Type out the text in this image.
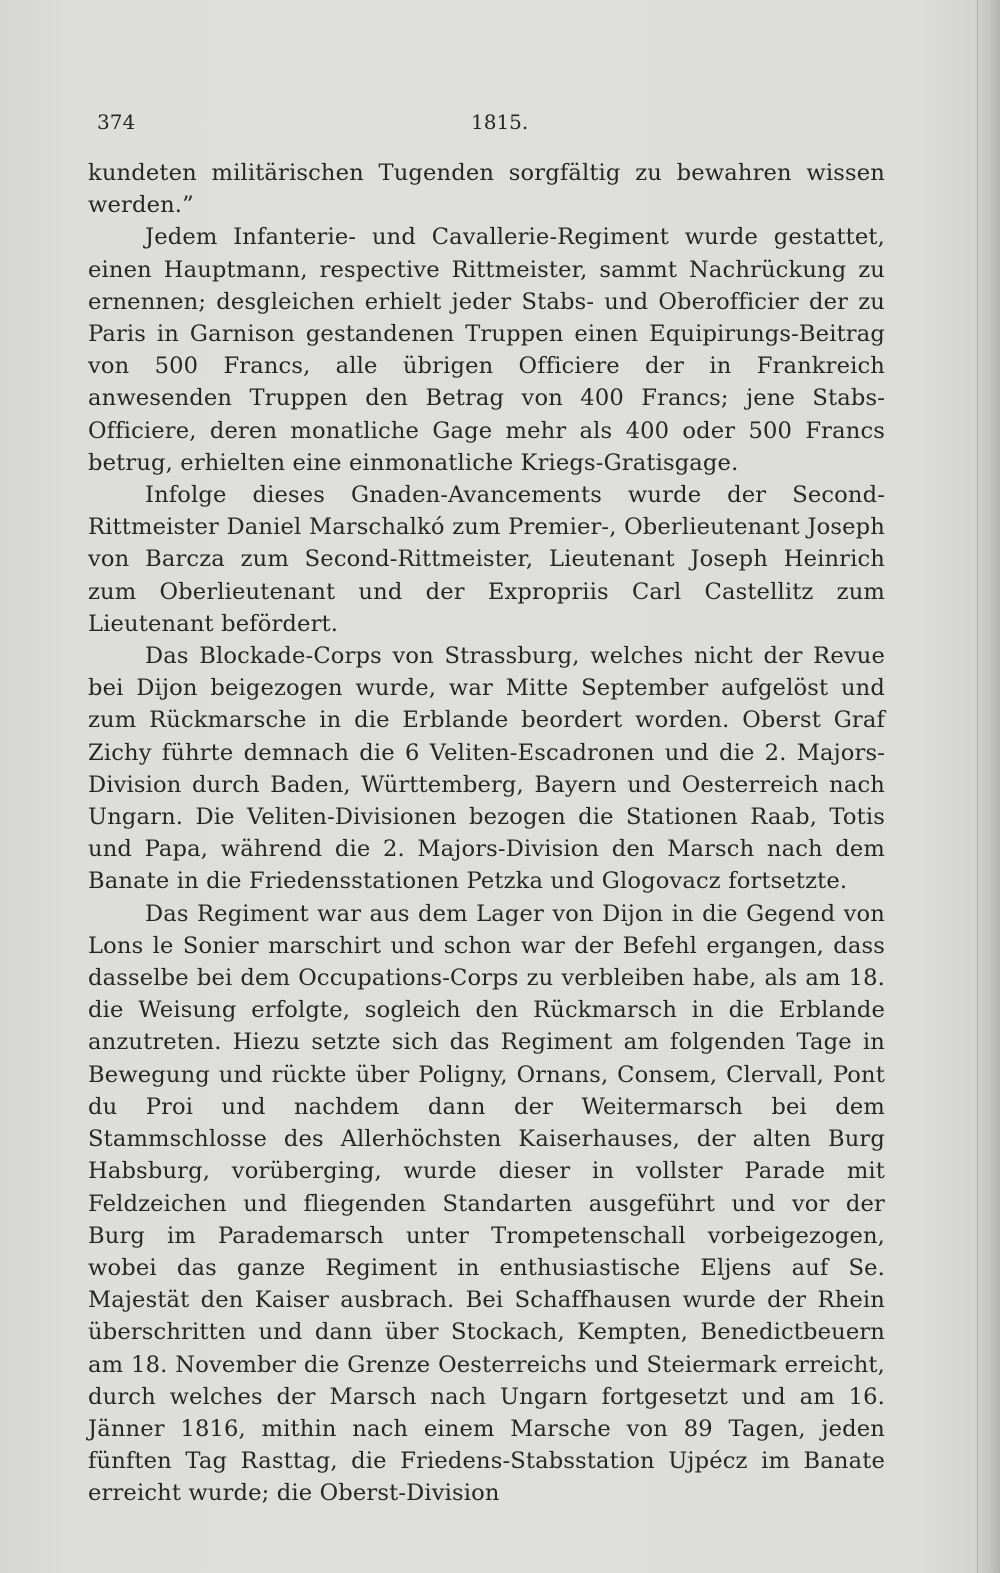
374	1815.

kundeten militärischen Tugenden sorgfältig zu bewahren wissen werden.”

Jedem Infanterie- und Cavallerie-Regiment wurde gestattet, einen Hauptmann, respective Rittmeister, sammt Nachrückung zu ernennen; desgleichen erhielt jeder Stabs- und Oberofficier der zu Paris in Garnison gestandenen Truppen einen Equipirungs-Beitrag von 500 Francs, alle übrigen Officiere der in Frankreich anwesenden Truppen den Betrag von 400 Francs; jene Stabs-Officiere, deren monatliche Gage mehr als 400 oder 500 Francs betrug, erhielten eine einmonatliche Kriegs-Gratisgage.

Infolge dieses Gnaden-Avancements wurde der Second-Rittmeister Daniel Marschalkó zum Premier-, Oberlieutenant Joseph von Barcza zum Second-Rittmeister, Lieutenant Joseph Heinrich zum Oberlieutenant und der Expropriis Carl Castellitz zum Lieutenant befördert.

Das Blockade-Corps von Strassburg, welches nicht der Revue bei Dijon beigezogen wurde, war Mitte September aufgelöst und zum Rückmarsche in die Erblande beordert worden. Oberst Graf Zichy führte demnach die 6 Veliten-Escadronen und die 2. Majors-Division durch Baden, Württemberg, Bayern und Oesterreich nach Ungarn. Die Veliten-Divisionen bezogen die Stationen Raab, Totis und Papa, während die 2. Majors-Division den Marsch nach dem Banate in die Friedensstationen Petzka und Glogovacz fortsetzte.

Das Regiment war aus dem Lager von Dijon in die Gegend von Lons le Sonier marschirt und schon war der Befehl ergangen, dass dasselbe bei dem Occupations-Corps zu verbleiben habe, als am 18. die Weisung erfolgte, sogleich den Rückmarsch in die Erblande anzutreten. Hiezu setzte sich das Regiment am folgenden Tage in Bewegung und rückte über Poligny, Ornans, Consem, Clervall, Pont du Proi und nachdem dann der Weitermarsch bei dem Stammschlosse des Allerhöchsten Kaiserhauses, der alten Burg Habsburg, vorüberging, wurde dieser in vollster Parade mit Feldzeichen und fliegenden Standarten ausgeführt und vor der Burg im Parademarsch unter Trompetenschall vorbeigezogen, wobei das ganze Regiment in enthusiastische Eljens auf Se. Majestät den Kaiser ausbrach. Bei Schaffhausen wurde der Rhein überschritten und dann über Stockach, Kempten, Benedictbeuern am 18. November die Grenze Oesterreichs und Steiermark erreicht, durch welches der Marsch nach Ungarn fortgesetzt und am 16. Jänner 1816, mithin nach einem Marsche von 89 Tagen, jeden fünften Tag Rasttag, die Friedens-Stabsstation Ujpécz im Banate erreicht wurde; die Oberst-Division
